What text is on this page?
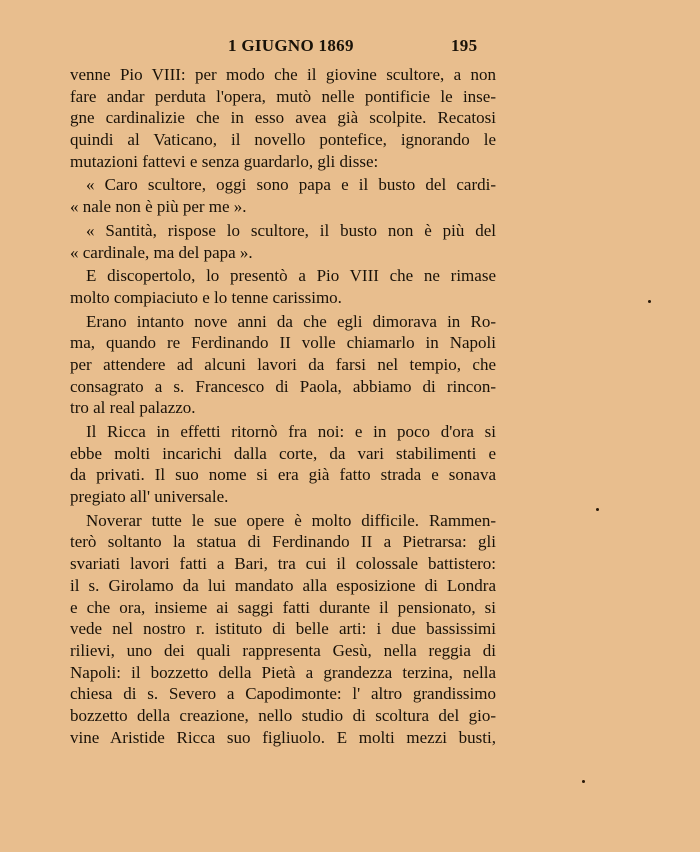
1 GIUGNO 1869	195
venne Pio VIII: per modo che il giovine scultore, a non
fare andar perduta l'opera, mutò nelle pontificie le inse-
gne cardinalizie che in esso avea già scolpite. Recatosi
quindi al Vaticano, il novello pontefice, ignorando le
mutazioni fattevi e senza guardarlo, gli disse:
« Caro scultore, oggi sono papa e il busto del cardi-
« nale non è più per me ».
« Santità, rispose lo scultore, il busto non è più del
« cardinale, ma del papa ».
E discopertolo, lo presentò a Pio VIII che ne rimase
molto compiaciuto e lo tenne carissimo.
Erano intanto nove anni da che egli dimorava in Ro-
ma, quando re Ferdinando II volle chiamarlo in Napoli
per attendere ad alcuni lavori da farsi nel tempio, che
consagrato a s. Francesco di Paola, abbiamo di rincon-
tro al real palazzo.
Il Ricca in effetti ritornò fra noi: e in poco d'ora si
ebbe molti incarichi dalla corte, da vari stabilimenti e
da privati. Il suo nome si era già fatto strada e sonava
pregiato all' universale.
Noverar tutte le sue opere è molto difficile. Rammen-
terò soltanto la statua di Ferdinando II a Pietrarsa: gli
svariati lavori fatti a Bari, tra cui il colossale battistero:
il s. Girolamo da lui mandato alla esposizione di Londra
e che ora, insieme ai saggi fatti durante il pensionato, si
vede nel nostro r. istituto di belle arti: i due bassissimi
rilievi, uno dei quali rappresenta Gesù, nella reggia di
Napoli: il bozzetto della Pietà a grandezza terzina, nella
chiesa di s. Severo a Capodimonte: l' altro grandissimo
bozzetto della creazione, nello studio di scoltura del gio-
vine Aristide Ricca suo figliuolo. E molti mezzi busti,
